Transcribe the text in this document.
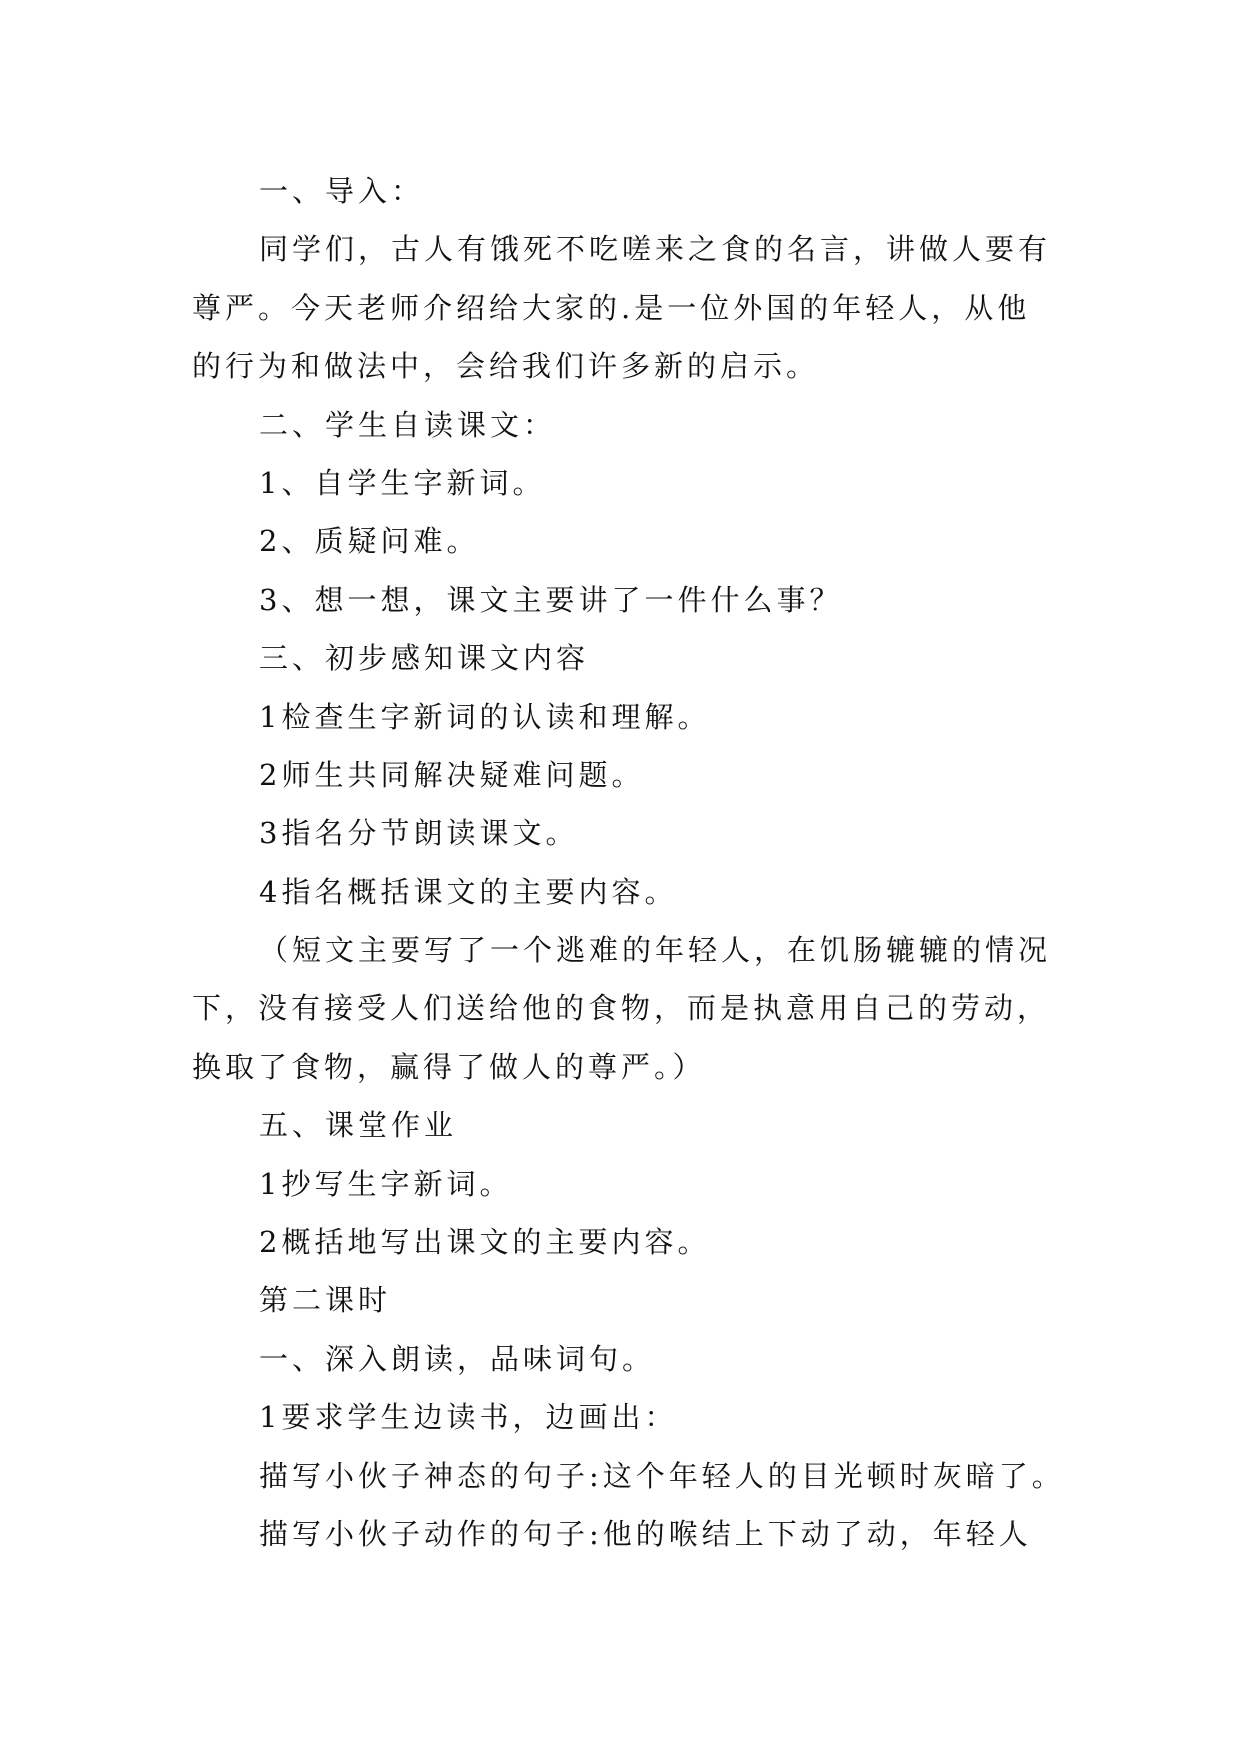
一、导入：
同学们，古人有饿死不吃嗟来之食的名言，讲做人要有
尊严。今天老师介绍给大家的.是一位外国的年轻人，从他
的行为和做法中，会给我们许多新的启示。
二、学生自读课文：
1、自学生字新词。
2、质疑问难。
3、想一想，课文主要讲了一件什么事？
三、初步感知课文内容
1检查生字新词的认读和理解。
2师生共同解决疑难问题。
3指名分节朗读课文。
4指名概括课文的主要内容。
（短文主要写了一个逃难的年轻人，在饥肠辘辘的情况
下，没有接受人们送给他的食物，而是执意用自己的劳动，
换取了食物，赢得了做人的尊严。）
五、课堂作业
1抄写生字新词。
2概括地写出课文的主要内容。
第二课时
一、深入朗读，品味词句。
1要求学生边读书，边画出：
描写小伙子神态的句子:这个年轻人的目光顿时灰暗了。
描写小伙子动作的句子:他的喉结上下动了动，年轻人
